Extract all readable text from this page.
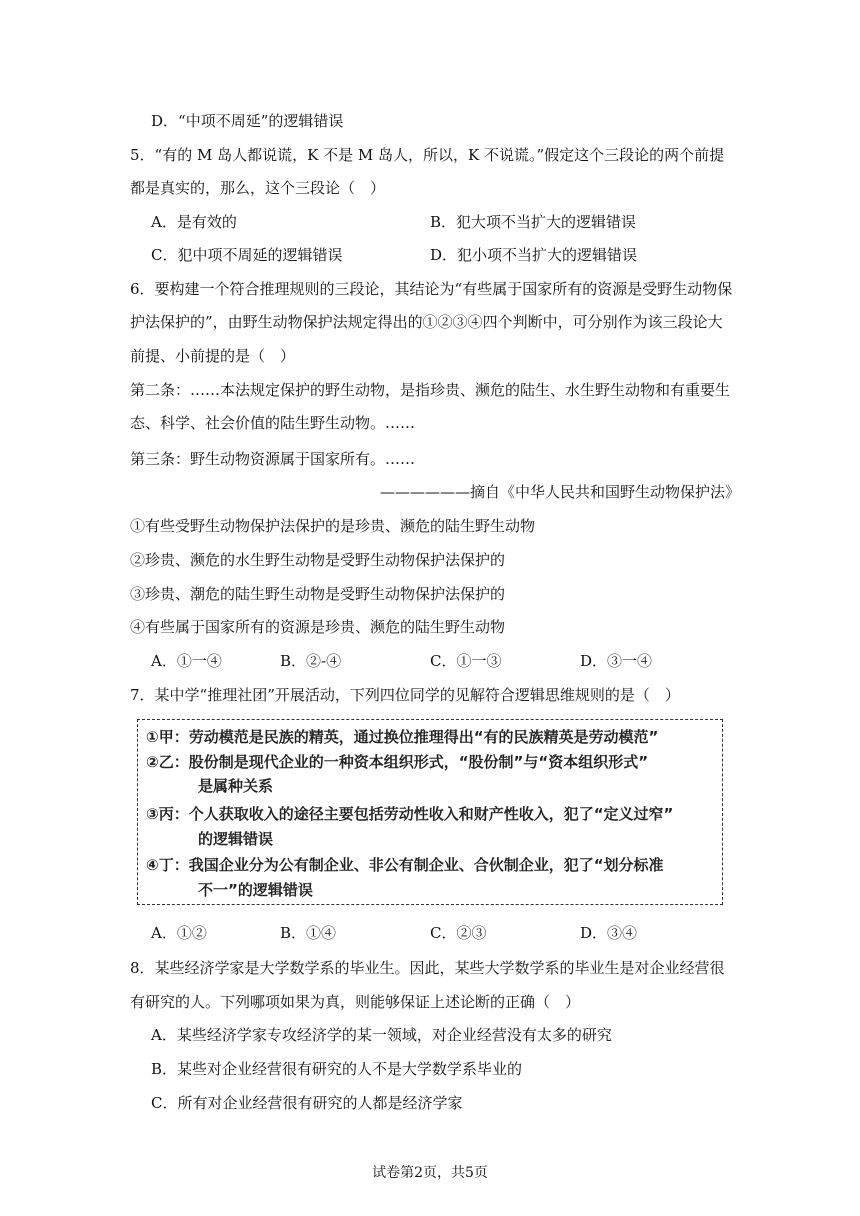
D．“中项不周延”的逻辑错误
5．“有的 M 岛人都说谎，K 不是 M 岛人，所以，K 不说谎。”假定这个三段论的两个前提
都是真实的，那么，这个三段论（　）
A．是有效的	B．犯大项不当扩大的逻辑错误
C．犯中项不周延的逻辑错误	D．犯小项不当扩大的逻辑错误
6．要构建一个符合推理规则的三段论，其结论为“有些属于国家所有的资源是受野生动物保
护法保护的”，由野生动物保护法规定得出的①②③④四个判断中，可分别作为该三段论大
前提、小前提的是（　）
第二条：……本法规定保护的野生动物，是指珍贵、濒危的陆生、水生野生动物和有重要生
态、科学、社会价值的陆生野生动物。……
第三条：野生动物资源属于国家所有。……
——————摘自《中华人民共和国野生动物保护法》
①有些受野生动物保护法保护的是珍贵、濒危的陆生野生动物
②珍贵、濒危的水生野生动物是受野生动物保护法保护的
③珍贵、潮危的陆生野生动物是受野生动物保护法保护的
④有些属于国家所有的资源是珍贵、濒危的陆生野生动物
A．①一④	B．②-④	C．①一③	D．③一④
7．某中学“推理社团”开展活动，下列四位同学的见解符合逻辑思维规则的是（　）
①甲：劳动模范是民族的精英，通过换位推理得出“有的民族精英是劳动模范”
②乙：股份制是现代企业的一种资本组织形式，“股份制”与“资本组织形式”
是属种关系
③丙：个人获取收入的途径主要包括劳动性收入和财产性收入，犯了“定义过窄”
的逻辑错误
④丁：我国企业分为公有制企业、非公有制企业、合伙制企业，犯了“划分标准
不一”的逻辑错误
A．①②	B．①④	C．②③	D．③④
8．某些经济学家是大学数学系的毕业生。因此，某些大学数学系的毕业生是对企业经营很
有研究的人。下列哪项如果为真，则能够保证上述论断的正确（　）
A．某些经济学家专攻经济学的某一领域，对企业经营没有太多的研究
B．某些对企业经营很有研究的人不是大学数学系毕业的
C．所有对企业经营很有研究的人都是经济学家
试卷第2页，共5页
